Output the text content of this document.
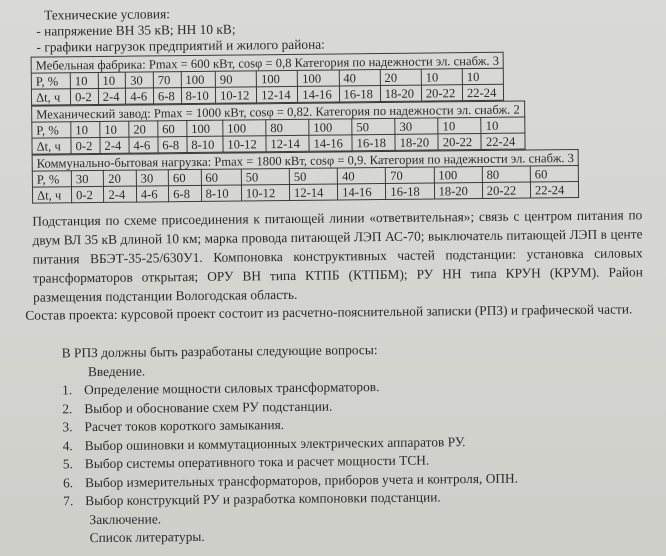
Технические условия:
- напряжение ВН 35 кВ; НН 10 кВ;
- графики нагрузок предприятий и жилого района:
Мебельная фабрика: Pmax = 600 кВт, cosφ = 0,8 Категория по надежности эл. снабж. 3												
P, %	10	10	30	70	100	90	100	100	40	20	10	10
Δt, ч	0-2	2-4	4-6	6-8	8-10	10-12	12-14	14-16	16-18	18-20	20-22	22-24
Механический завод: Pmax = 1000 кВт, cosφ = 0,82. Категория по надежности эл. снабж. 2												
P, %	10	10	20	60	100	100	80	100	50	30	10	10
Δt, ч	0-2	2-4	4-6	6-8	8-10	10-12	12-14	14-16	16-18	18-20	20-22	22-24
Коммунально-бытовая нагрузка: Pmax = 1800 кВт, cosφ = 0,9. Категория по надежности эл. снабж. 3												
P, %	30	20	30	60	60	50	50	40	70	100	80	60
Δt, ч	0-2	2-4	4-6	6-8	8-10	10-12	12-14	14-16	16-18	18-20	20-22	22-24
Подстанция по схеме присоединения к питающей линии «ответвительная»; связь с центром питания по двум ВЛ 35 кВ длиной 10 км; марка провода питающей ЛЭП АС-70; выключатель питающей ЛЭП в центе питания ВБЭТ-35-25/630У1. Компоновка конструктивных частей подстанции: установка силовых трансформаторов открытая; ОРУ ВН типа КТПБ (КТПБМ); РУ НН типа КРУН (КРУМ). Район размещения подстанции Вологодская область.
Состав проекта: курсовой проект состоит из расчетно-пояснительной записки (РПЗ) и графической части.
В РПЗ должны быть разработаны следующие вопросы:
Введение.
1. Определение мощности силовых трансформаторов.
2. Выбор и обоснование схем РУ подстанции.
3. Расчет токов короткого замыкания.
4. Выбор ошиновки и коммутационных электрических аппаратов РУ.
5. Выбор системы оперативного тока и расчет мощности ТСН.
6. Выбор измерительных трансформаторов, приборов учета и контроля, ОПН.
7. Выбор конструкций РУ и разработка компоновки подстанции.
Заключение.
Список литературы.
